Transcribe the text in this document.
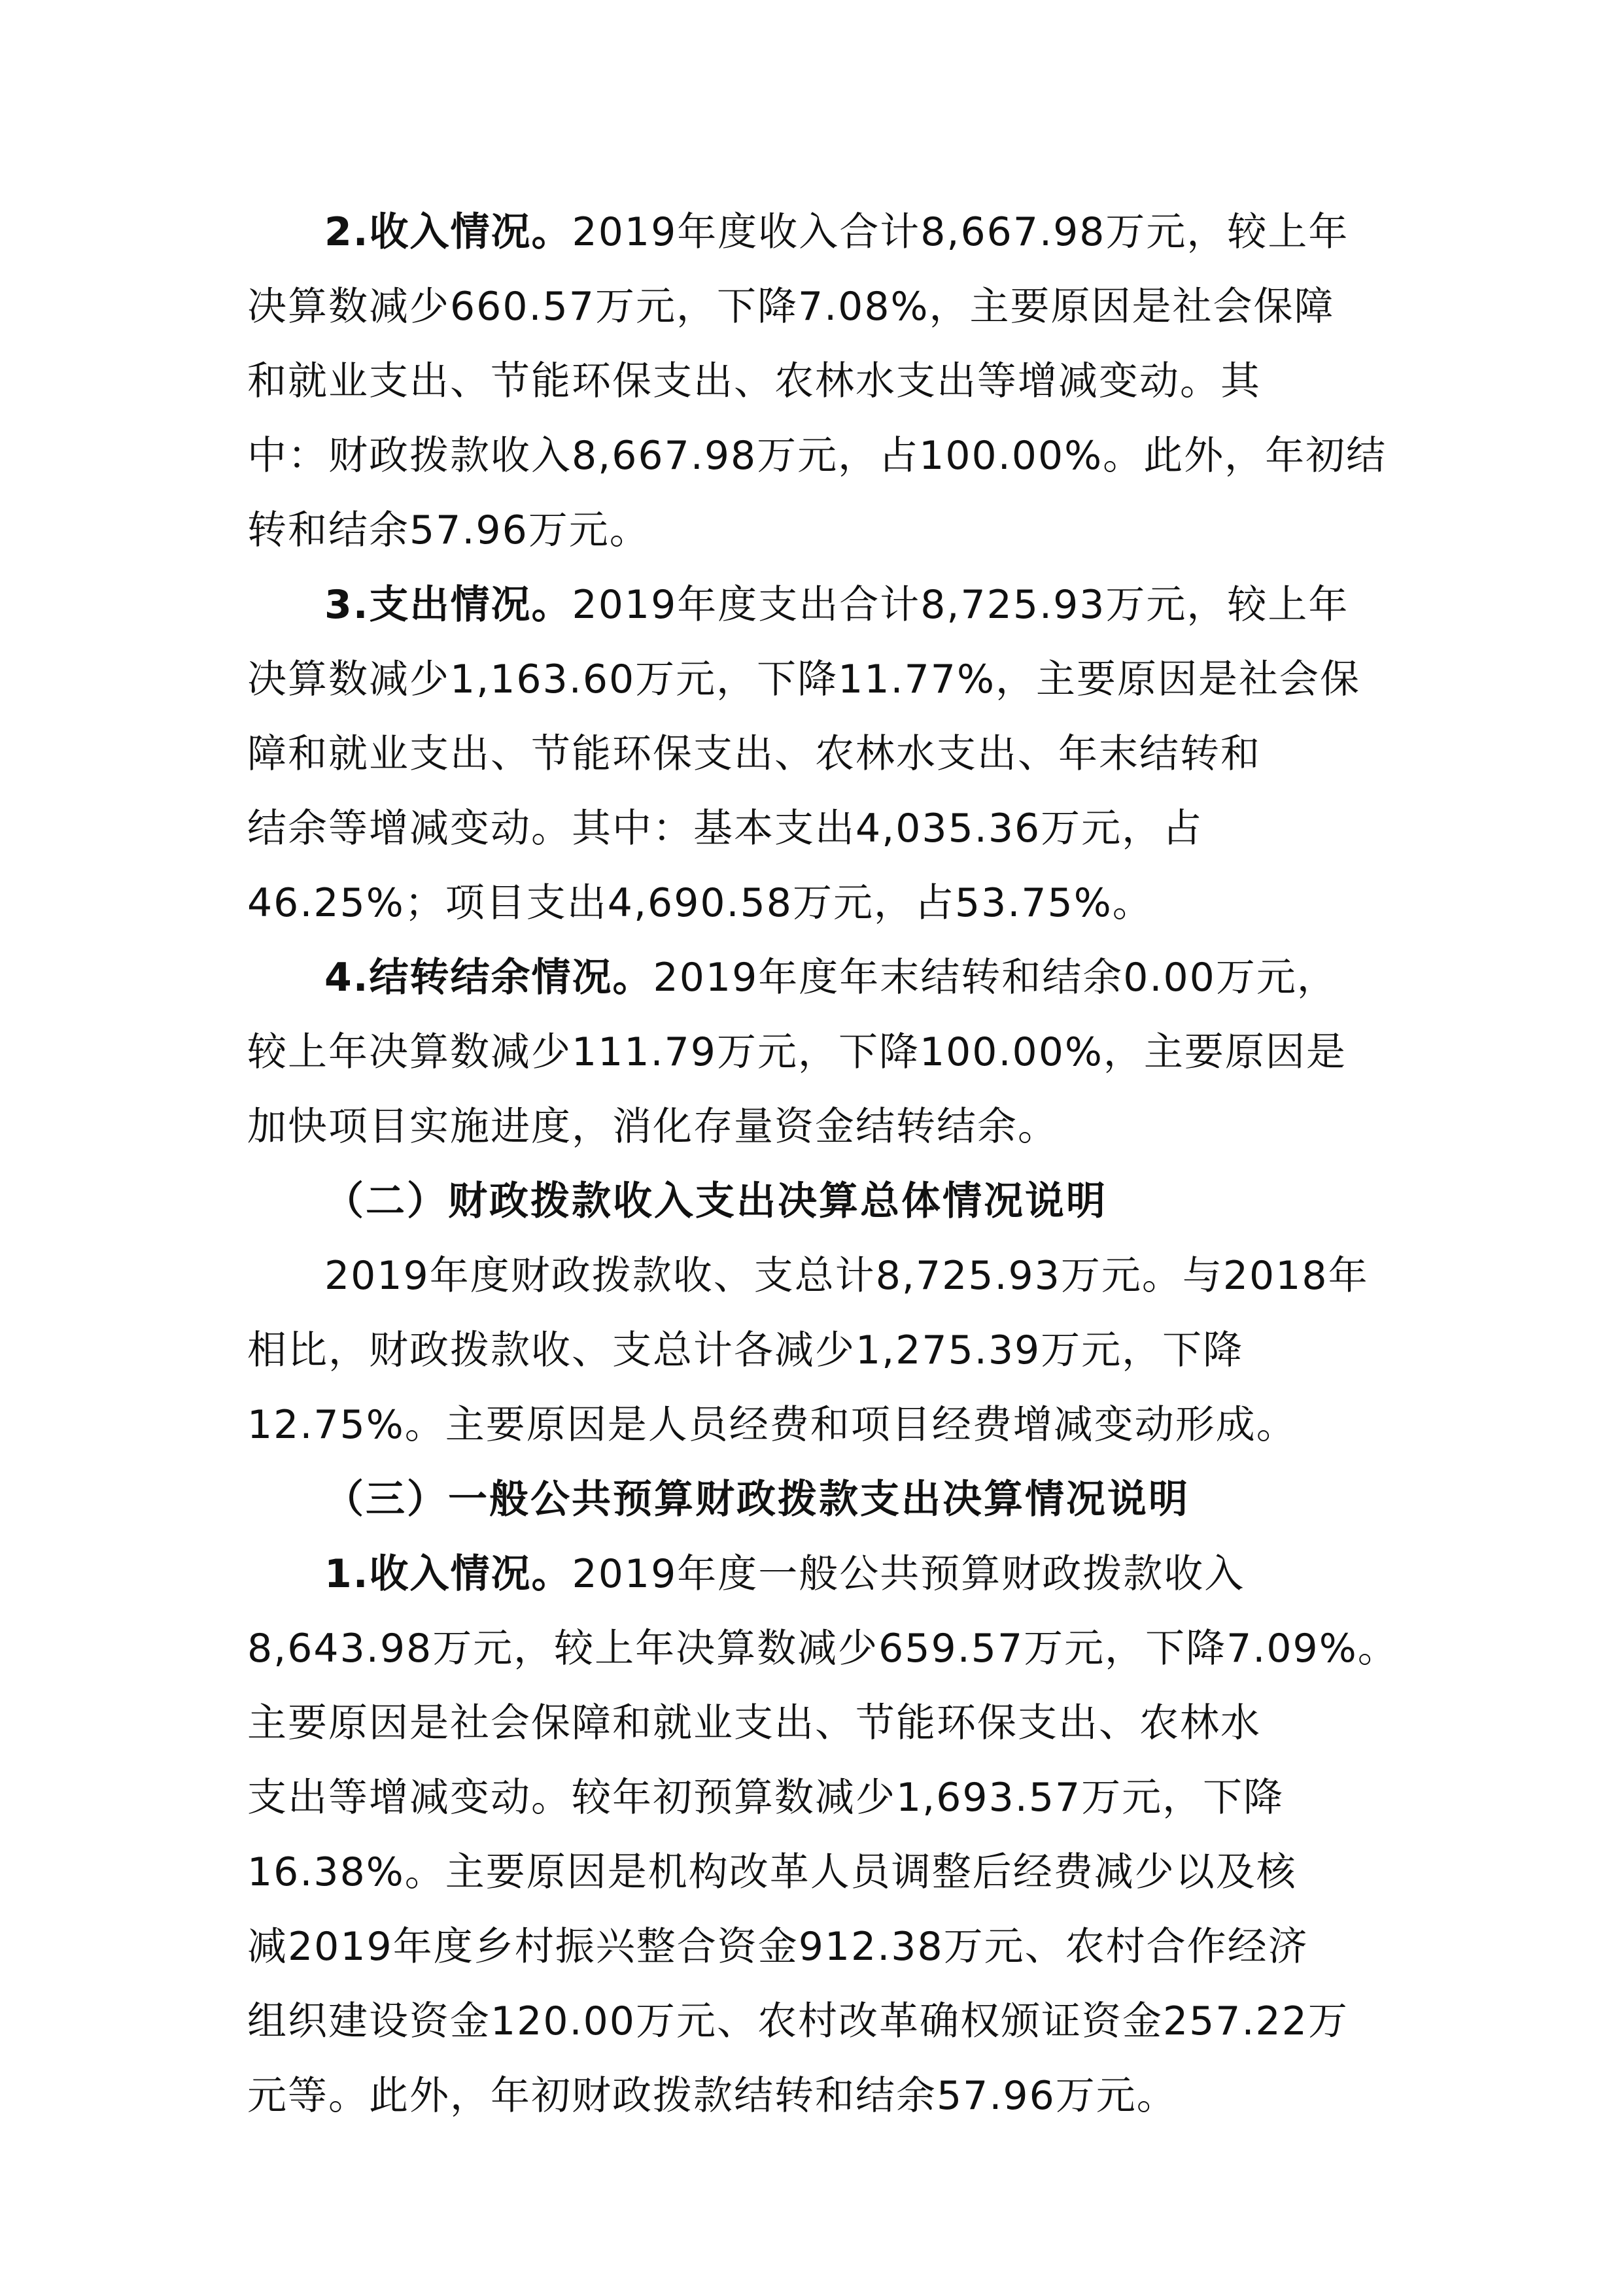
2.收入情况。2019年度收入合计8,667.98万元，较上年
决算数减少660.57万元，下降7.08%，主要原因是社会保障
和就业支出、节能环保支出、农林水支出等增减变动。其
中：财政拨款收入8,667.98万元，占100.00%。此外，年初结
转和结余57.96万元。
3.支出情况。2019年度支出合计8,725.93万元，较上年
决算数减少1,163.60万元，下降11.77%，主要原因是社会保
障和就业支出、节能环保支出、农林水支出、年末结转和
结余等增减变动。其中：基本支出4,035.36万元，占
46.25%；项目支出4,690.58万元，占53.75%。
4.结转结余情况。2019年度年末结转和结余0.00万元，
较上年决算数减少111.79万元，下降100.00%，主要原因是
加快项目实施进度，消化存量资金结转结余。
（二）财政拨款收入支出决算总体情况说明
2019年度财政拨款收、支总计8,725.93万元。与2018年
相比，财政拨款收、支总计各减少1,275.39万元，下降
12.75%。主要原因是人员经费和项目经费增减变动形成。
（三）一般公共预算财政拨款支出决算情况说明
1.收入情况。2019年度一般公共预算财政拨款收入
8,643.98万元，较上年决算数减少659.57万元，下降7.09%。
主要原因是社会保障和就业支出、节能环保支出、农林水
支出等增减变动。较年初预算数减少1,693.57万元，下降
16.38%。主要原因是机构改革人员调整后经费减少以及核
减2019年度乡村振兴整合资金912.38万元、农村合作经济
组织建设资金120.00万元、农村改革确权颁证资金257.22万
元等。此外，年初财政拨款结转和结余57.96万元。
